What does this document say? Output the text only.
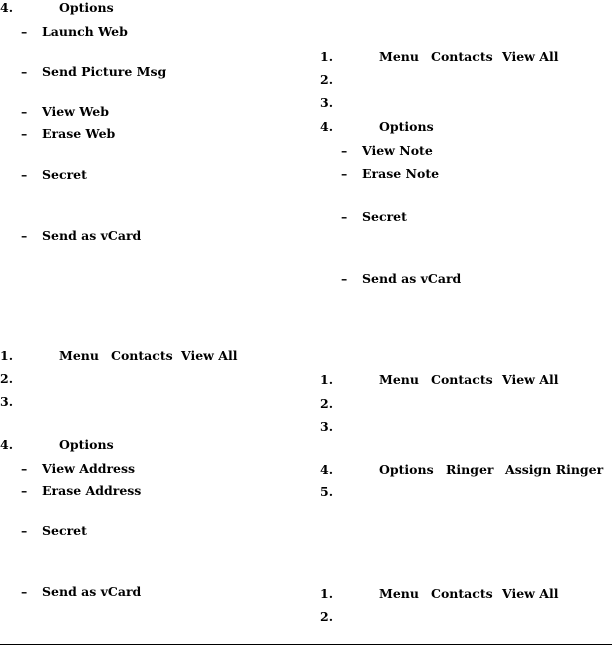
4.	Options
– Launch Web
– Send Picture Msg
– View Web
– Erase Web
– Secret
– Send as vCard
1.	Menu Contacts View All
2.
3.
4.	Options
– View Note
– Erase Note
– Secret
– Send as vCard
1.	Menu Contacts View All
2.
3.
4.	Options
– View Address
– Erase Address
– Secret
– Send as vCard
1.	Menu Contacts View All
2.
3.
4.	Options Ringer Assign Ringer
5.
1.	Menu Contacts View All
2.
